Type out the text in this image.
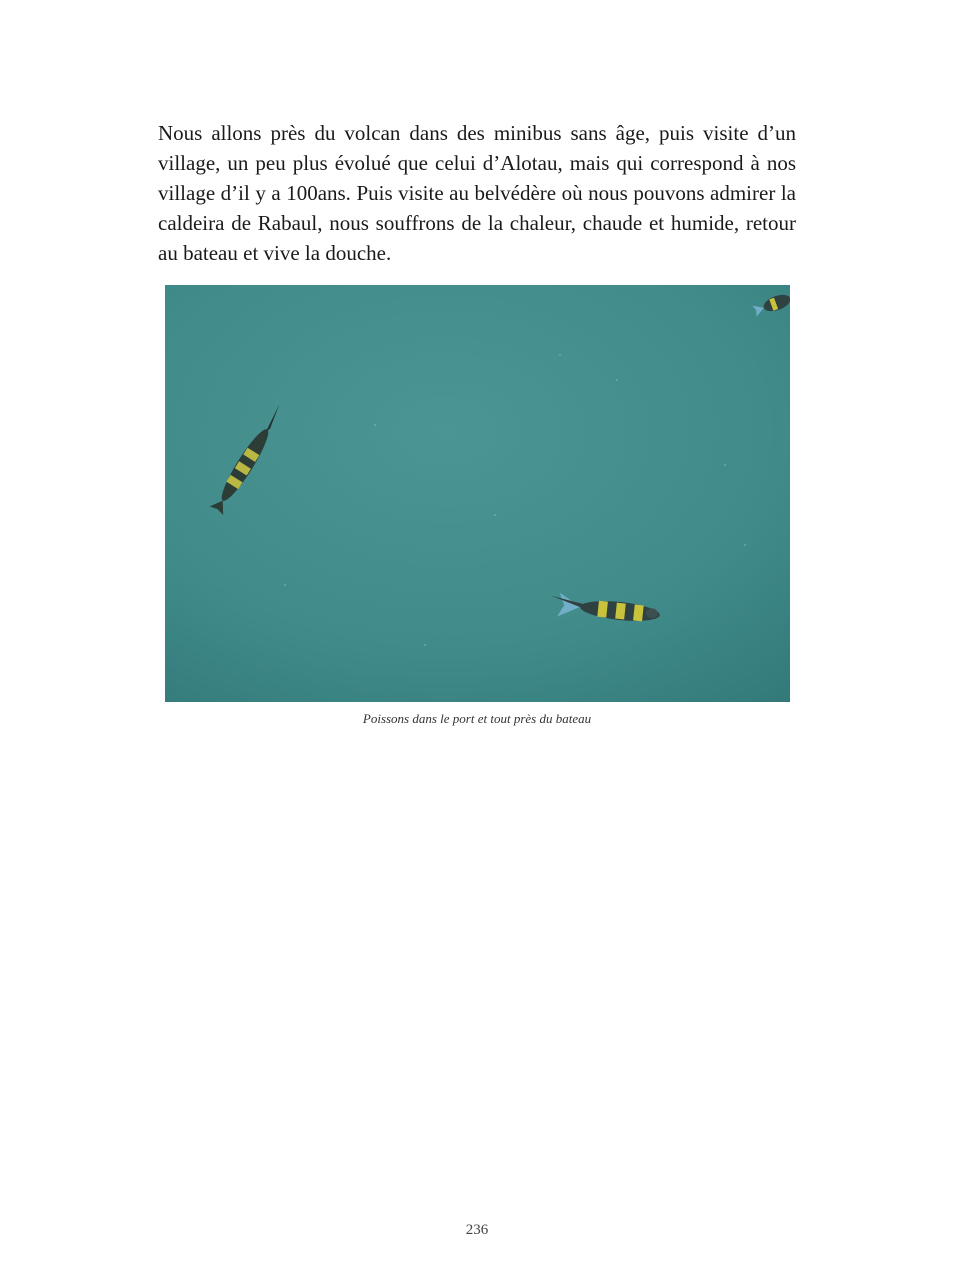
Nous allons près du volcan dans des minibus sans âge, puis visite d’un village, un peu plus évolué que celui d’Alotau, mais qui correspond à nos village d’il y a 100ans. Puis visite au belvédère où nous pouvons admirer la caldeira de Rabaul, nous souffrons de la chaleur, chaude et humide, retour au bateau et vive la douche.

Poissons dans le port et tout près du bateau
236
